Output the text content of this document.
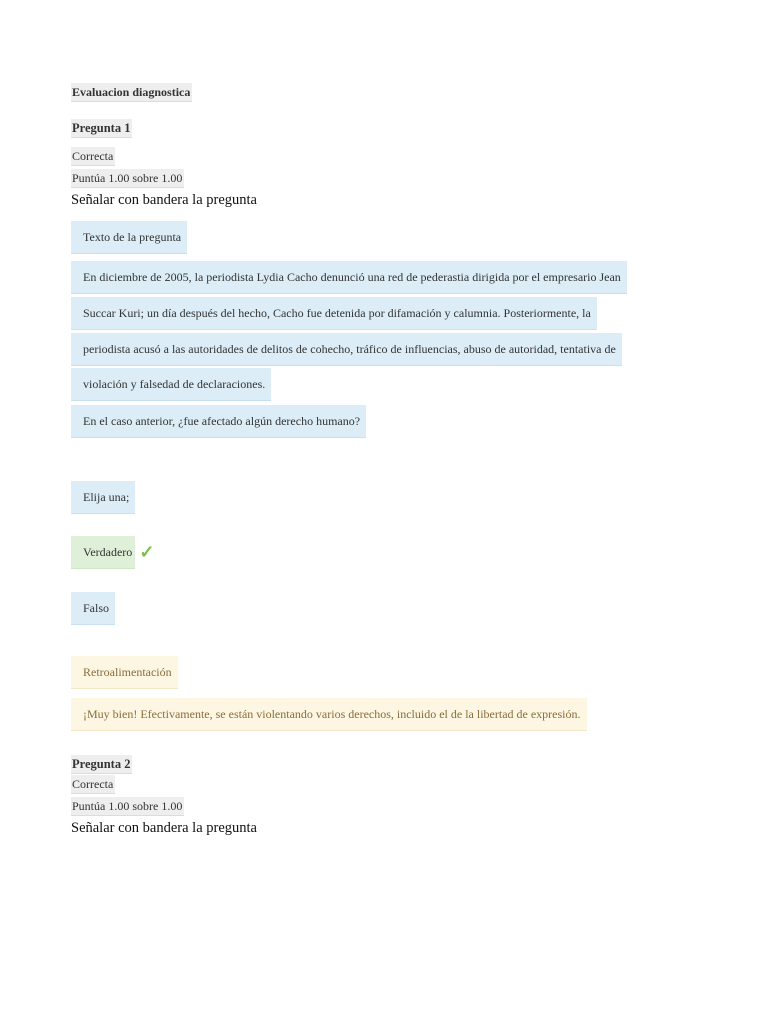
Evaluacion diagnostica
Pregunta 1
Correcta
Puntúa 1.00 sobre 1.00
Señalar con bandera la pregunta
Texto de la pregunta
En diciembre de 2005, la periodista Lydia Cacho denunció una red de pederastia dirigida por el empresario Jean
Succar Kuri; un día después del hecho, Cacho fue detenida por difamación y calumnia. Posteriormente, la
periodista acusó a las autoridades de delitos de cohecho, tráfico de influencias, abuso de autoridad, tentativa de
violación y falsedad de declaraciones.
En el caso anterior, ¿fue afectado algún derecho humano?
Elija una;
Verdadero ✓
Falso
Retroalimentación
¡Muy bien! Efectivamente, se están violentando varios derechos, incluido el de la libertad de expresión.
Pregunta 2
Correcta
Puntúa 1.00 sobre 1.00
Señalar con bandera la pregunta
